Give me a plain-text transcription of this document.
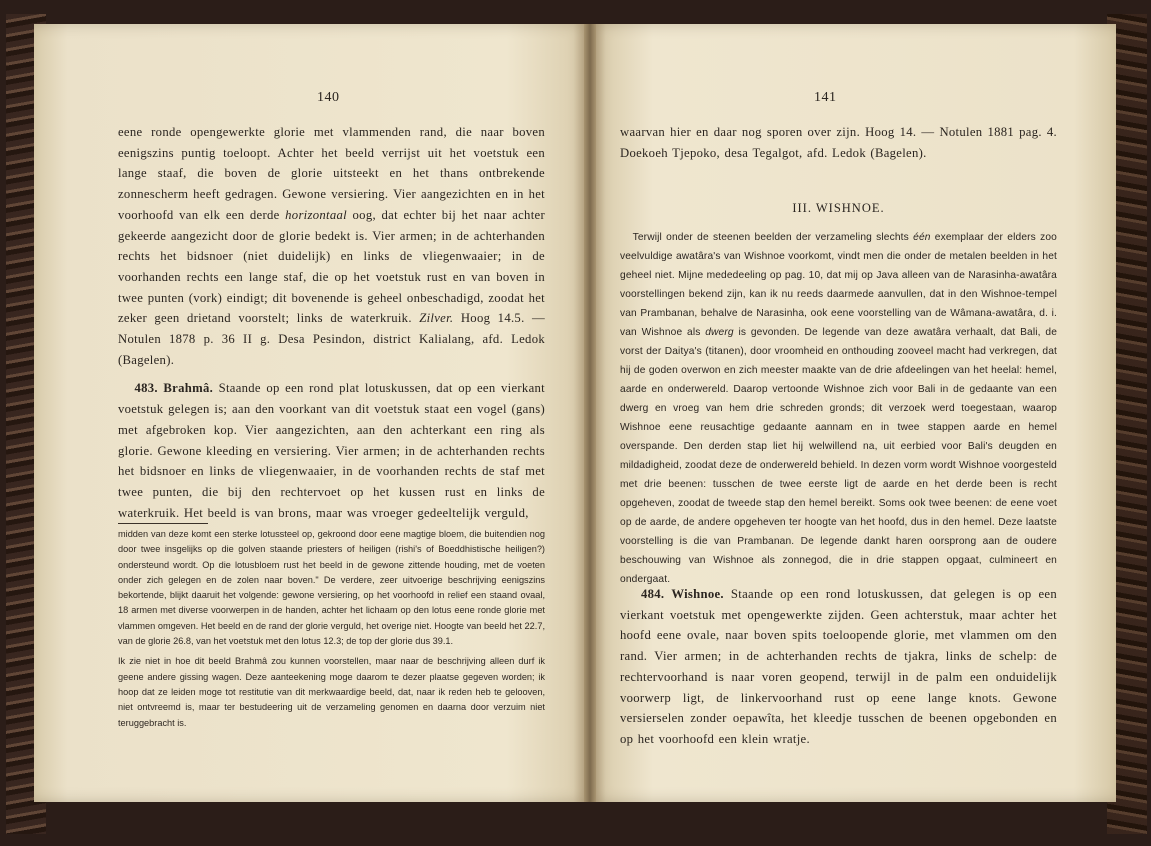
140

eene ronde opengewerkte glorie met vlammenden rand, die naar boven eenigszins puntig toeloopt. Achter het beeld verrijst uit het voetstuk een lange staaf, die boven de glorie uitsteekt en het thans ontbrekende zonnescherm heeft gedragen. Gewone versiering. Vier aangezichten en in het voorhoofd van elk een derde horizontaal oog, dat echter bij het naar achter gekeerde aangezicht door de glorie bedekt is. Vier armen; in de achterhanden rechts het bidsnoer (niet duidelijk) en links de vliegenwaaier; in de voorhanden rechts een lange staf, die op het voetstuk rust en van boven in twee punten (vork) eindigt; dit bovenende is geheel onbeschadigd, zoodat het zeker geen drietand voorstelt; links de waterkruik. Zilver. Hoog 14.5. — Notulen 1878 p. 36 II g. Desa Pesindon, district Kalialang, afd. Ledok (Bagelen).

483. Brahmâ. Staande op een rond plat lotuskussen, dat op een vierkant voetstuk gelegen is; aan den voorkant van dit voetstuk staat een vogel (gans) met afgebroken kop. Vier aangezichten, aan den achterkant een ring als glorie. Gewone kleeding en versiering. Vier armen; in de achterhanden rechts het bidsnoer en links de vliegenwaaier, in de voorhanden rechts de staf met twee punten, die bij den rechtervoet op het kussen rust en links de waterkruik. Het beeld is van brons, maar was vroeger gedeeltelijk verguld,

midden van deze komt een sterke lotussteel op, gekroond door eene magtige bloem, die buitendien nog door twee insgelijks op die golven staande priesters of heiligen (rishi's of Boeddhistische heiligen?) ondersteund wordt. Op die lotusbloem rust het beeld in de gewone zittende houding, met de voeten onder zich gelegen en de zolen naar boven." De verdere, zeer uitvoerige beschrijving eenigszins bekortende, blijkt daaruit het volgende: gewone versiering, op het voorhoofd in relief een staand ovaal, 18 armen met diverse voorwerpen in de handen, achter het lichaam op den lotus eene ronde glorie met vlammen omgeven. Het beeld en de rand der glorie verguld, het overige niet. Hoogte van beeld het 22.7, van de glorie 26.8, van het voetstuk met den lotus 12.3; de top der glorie dus 39.1.

Ik zie niet in hoe dit beeld Brahmâ zou kunnen voorstellen, maar naar de beschrijving alleen durf ik geene andere gissing wagen. Deze aanteekening moge daarom te dezer plaatse gegeven worden; ik hoop dat ze leiden moge tot restitutie van dit merkwaardige beeld, dat, naar ik reden heb te gelooven, niet ontvreemd is, maar ter bestudeering uit de verzameling genomen en daarna door verzuim niet teruggebracht is.

141

waarvan hier en daar nog sporen over zijn. Hoog 14. — Notulen 1881 pag. 4. Doekoeh Tjepoko, desa Tegalgot, afd. Ledok (Bagelen).

III. WISHNOE.

Terwijl onder de steenen beelden der verzameling slechts één exemplaar der elders zoo veelvuldige awatâra's van Wishnoe voorkomt, vindt men die onder de metalen beelden in het geheel niet. Mijne mededeeling op pag. 10, dat mij op Java alleen van de Narasinha-awatâra voorstellingen bekend zijn, kan ik nu reeds daarmede aanvullen, dat in den Wishnoe-tempel van Prambanan, behalve de Narasinha, ook eene voorstelling van de Wâmana-awatâra, d. i. van Wishnoe als dwerg is gevonden. De legende van deze awatâra verhaalt, dat Bali, de vorst der Daitya's (titanen), door vroomheid en onthouding zooveel macht had verkregen, dat hij de goden overwon en zich meester maakte van de drie afdeelingen van het heelal: hemel, aarde en onderwereld. Daarop vertoonde Wishnoe zich voor Bali in de gedaante van een dwerg en vroeg van hem drie schreden gronds; dit verzoek werd toegestaan, waarop Wishnoe eene reusachtige gedaante aannam en in twee stappen aarde en hemel overspande. Den derden stap liet hij welwillend na, uit eerbied voor Bali's deugden en mildadigheid, zoodat deze de onderwereld behield. In dezen vorm wordt Wishnoe voorgesteld met drie beenen: tusschen de twee eerste ligt de aarde en het derde been is recht opgeheven, zoodat de tweede stap den hemel bereikt. Soms ook twee beenen: de eene voet op de aarde, de andere opgeheven ter hoogte van het hoofd, dus in den hemel. Deze laatste voorstelling is die van Prambanan. De legende dankt haren oorsprong aan de oudere beschouwing van Wishnoe als zonnegod, die in drie stappen opgaat, culmineert en ondergaat.

484. Wishnoe. Staande op een rond lotuskussen, dat gelegen is op een vierkant voetstuk met opengewerkte zijden. Geen achterstuk, maar achter het hoofd eene ovale, naar boven spits toeloopende glorie, met vlammen om den rand. Vier armen; in de achterhanden rechts de tjakra, links de schelp: de rechtervoorhand is naar voren geopend, terwijl in de palm een onduidelijk voorwerp ligt, de linkervoorhand rust op eene lange knots. Gewone versierselen zonder oepawîta, het kleedje tusschen de beenen opgebonden en op het voorhoofd een klein wratje.
